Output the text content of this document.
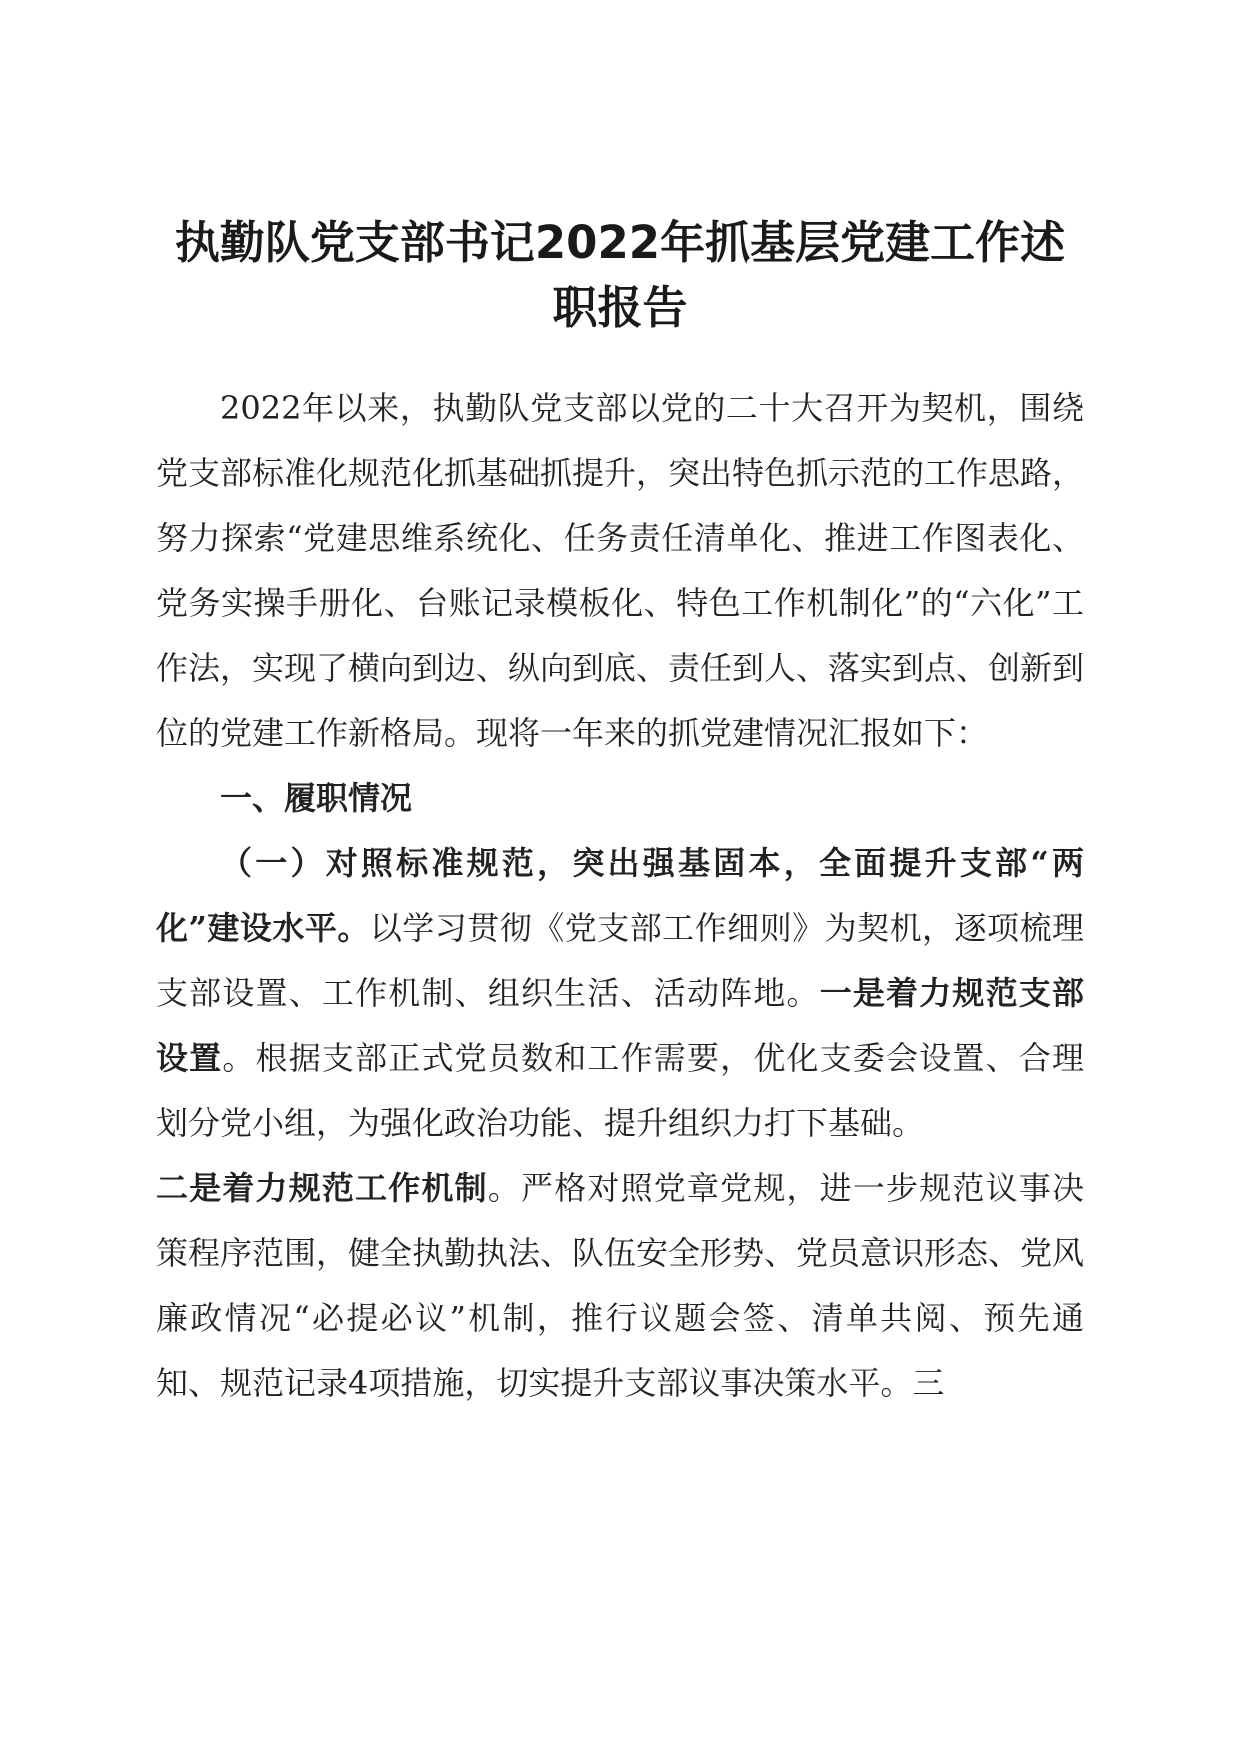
执勤队党支部书记2022年抓基层党建工作述
职报告

2022年以来，执勤队党支部以党的二十大召开为契机，围绕党支部标准化规范化抓基础抓提升，突出特色抓示范的工作思路，努力探索“党建思维系统化、任务责任清单化、推进工作图表化、党务实操手册化、台账记录模板化、特色工作机制化”的“六化”工作法，实现了横向到边、纵向到底、责任到人、落实到点、创新到位的党建工作新格局。现将一年来的抓党建情况汇报如下：

一、履职情况

（一）对照标准规范，突出强基固本，全面提升支部“两化”建设水平。以学习贯彻《党支部工作细则》为契机，逐项梳理支部设置、工作机制、组织生活、活动阵地。一是着力规范支部设置。根据支部正式党员数和工作需要，优化支委会设置、合理划分党小组，为强化政治功能、提升组织力打下基础。
二是着力规范工作机制。严格对照党章党规，进一步规范议事决策程序范围，健全执勤执法、队伍安全形势、党员意识形态、党风廉政情况“必提必议”机制，推行议题会签、清单共阅、预先通知、规范记录4项措施，切实提升支部议事决策水平。三
